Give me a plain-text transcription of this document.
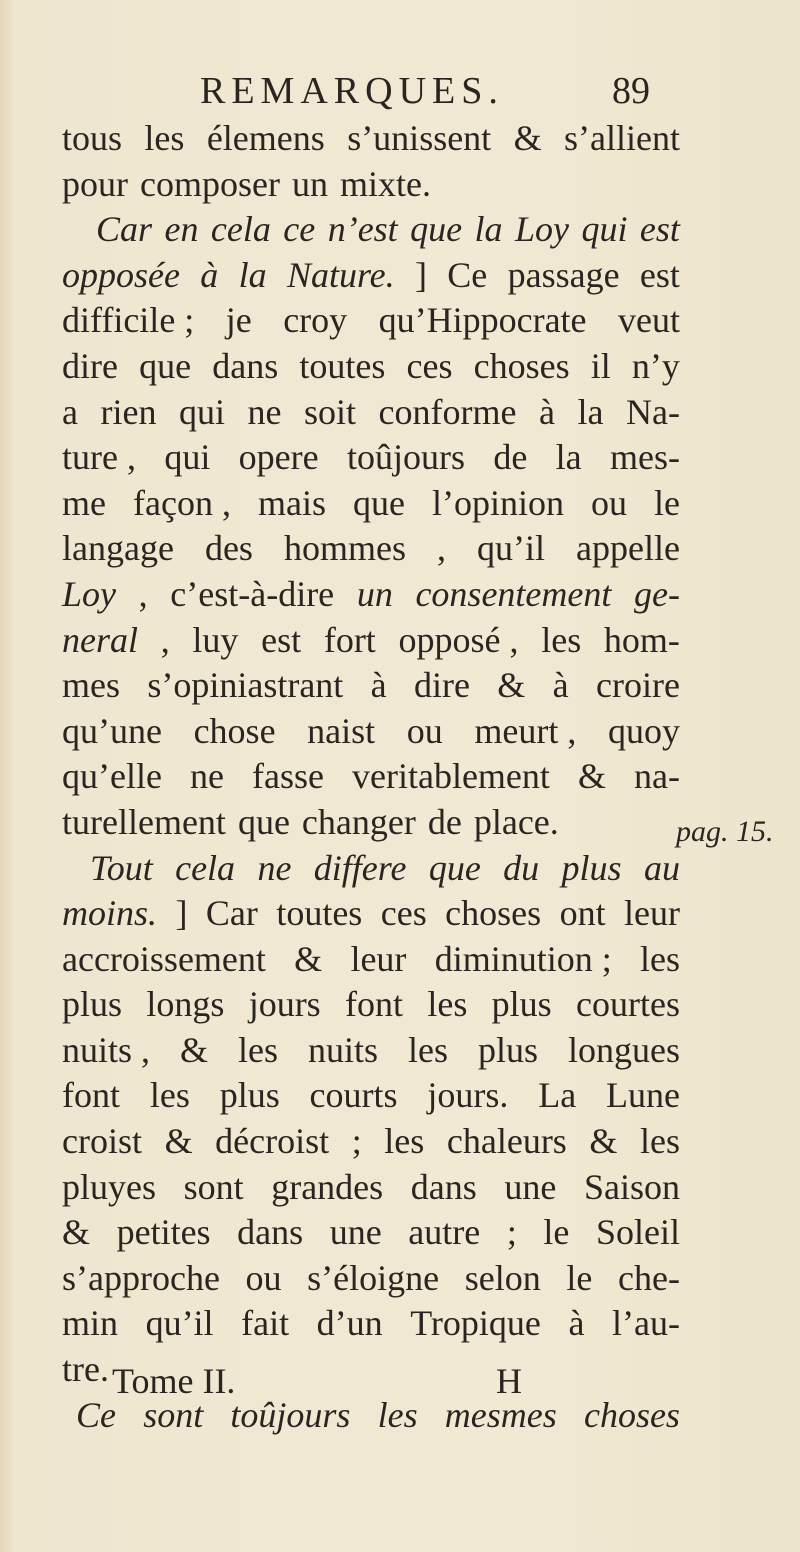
REMARQUES.	89
tous les élemens s’unissent & s’allient
pour composer un mixte.
Car en cela ce n’est que la Loy qui est
opposée à la Nature. ] Ce passage est
difficile ; je croy qu’Hippocrate veut
dire que dans toutes ces choses il n’y
a rien qui ne soit conforme à la Na-
ture , qui opere toûjours de la mes-
me façon , mais que l’opinion ou le
langage des hommes , qu’il appelle
Loy , c’est-à-dire un consentement ge-
neral , luy est fort opposé , les hom-
mes s’opiniastrant à dire & à croire
qu’une chose naist ou meurt , quoy
qu’elle ne fasse veritablement & na-
turellement que changer de place.
Tout cela ne differe que du plus au
moins. ] Car toutes ces choses ont leur
accroissement & leur diminution ; les
plus longs jours font les plus courtes
nuits , & les nuits les plus longues
font les plus courts jours. La Lune
croist & décroist ; les chaleurs & les
pluyes sont grandes dans une Saison
& petites dans une autre ; le Soleil
s’approche ou s’éloigne selon le che-
min qu’il fait d’un Tropique à l’au-
tre.
Ce sont toûjours les mesmes choses
pag. 15.
Tome II.	H
